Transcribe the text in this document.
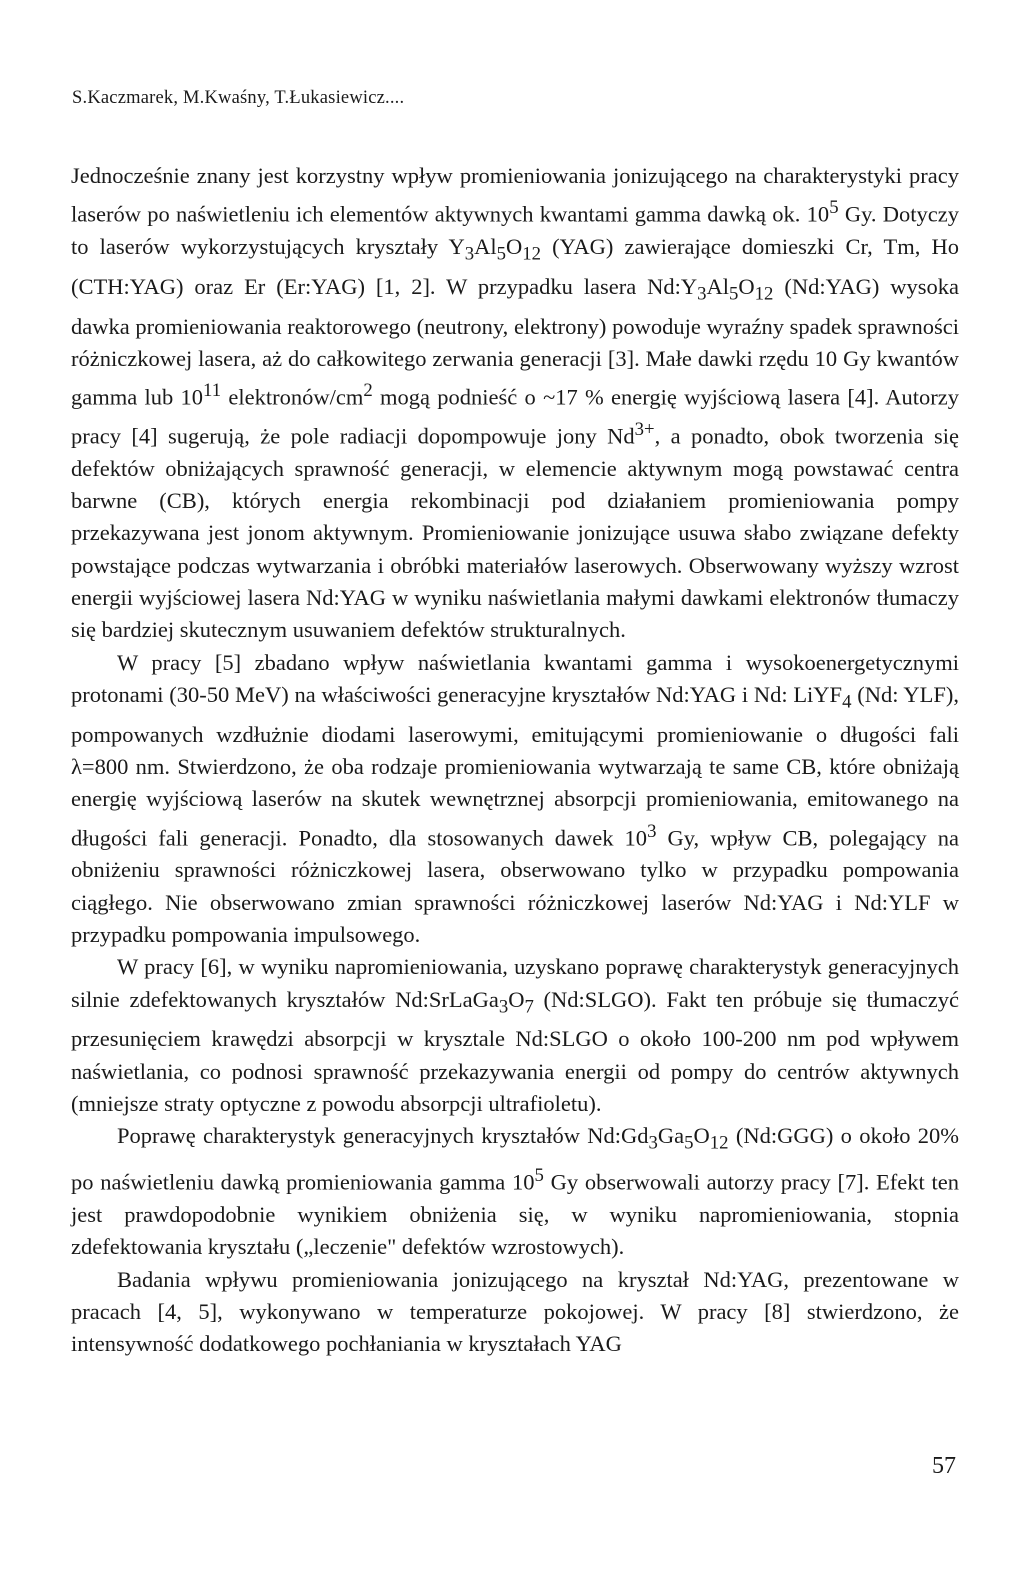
S.Kaczmarek, M.Kwaśny, T.Łukasiewicz....

Jednocześnie znany jest korzystny wpływ promieniowania jonizującego na charakterystyki pracy laserów po naświetleniu ich elementów aktywnych kwantami gamma dawką ok. $10^5$ Gy. Dotyczy to laserów wykorzystujących kryształy $Y_3Al_5O_{12}$ (YAG) zawierające domieszki Cr, Tm, Ho (CTH:YAG) oraz Er (Er:YAG) [1, 2]. W przypadku lasera $Nd:Y_3Al_5O_{12}$ (Nd:YAG) wysoka dawka promieniowania reaktorowego (neutrony, elektrony) powoduje wyraźny spadek sprawności różniczkowej lasera, aż do całkowitego zerwania generacji [3]. Małe dawki rzędu 10 Gy kwantów gamma lub $10^{11}$ elektronów/$cm^2$ mogą podnieść o ~17 % energię wyjściową lasera [4]. Autorzy pracy [4] sugerują, że pole radiacji dopompowuje jony $Nd^{3+}$, a ponadto, obok tworzenia się defektów obniżających sprawność generacji, w elemencie aktywnym mogą powstawać centra barwne (CB), których energia rekombinacji pod działaniem promieniowania pompy przekazywana jest jonom aktywnym. Promieniowanie jonizujące usuwa słabo związane defekty powstające podczas wytwarzania i obróbki materiałów laserowych. Obserwowany wyższy wzrost energii wyjściowej lasera Nd:YAG w wyniku naświetlania małymi dawkami elektronów tłumaczy się bardziej skutecznym usuwaniem defektów strukturalnych.

W pracy [5] zbadano wpływ naświetlania kwantami gamma i wysokoenergetycznymi protonami (30-50 MeV) na właściwości generacyjne kryształów Nd:YAG i Nd: LiYF$_4$ (Nd: YLF), pompowanych wzdłużnie diodami laserowymi, emitującymi promieniowanie o długości fali λ=800 nm. Stwierdzono, że oba rodzaje promieniowania wytwarzają te same CB, które obniżają energię wyjściową laserów na skutek wewnętrznej absorpcji promieniowania, emitowanego na długości fali generacji. Ponadto, dla stosowanych dawek $10^3$ Gy, wpływ CB, polegający na obniżeniu sprawności różniczkowej lasera, obserwowano tylko w przypadku pompowania ciągłego. Nie obserwowano zmian sprawności różniczkowej laserów Nd:YAG i Nd:YLF w przypadku pompowania impulsowego.

W pracy [6], w wyniku napromieniowania, uzyskano poprawę charakterystyk generacyjnych silnie zdefektowanych kryształów $Nd:SrLaGa_3O_7$ (Nd:SLGO). Fakt ten próbuje się tłumaczyć przesunięciem krawędzi absorpcji w krysztale Nd:SLGO o około 100-200 nm pod wpływem naświetlania, co podnosi sprawność przekazywania energii od pompy do centrów aktywnych (mniejsze straty optyczne z powodu absorpcji ultrafioletu).

Poprawę charakterystyk generacyjnych kryształów $Nd:Gd_3Ga_5O_{12}$ (Nd:GGG) o około 20% po naświetleniu dawką promieniowania gamma $10^5$ Gy obserwowali autorzy pracy [7]. Efekt ten jest prawdopodobnie wynikiem obniżenia się, w wyniku napromieniowania, stopnia zdefektowania kryształu („leczenie" defektów wzrostowych).

Badania wpływu promieniowania jonizującego na kryształ Nd:YAG, prezentowane w pracach [4, 5], wykonywano w temperaturze pokojowej. W pracy [8] stwierdzono, że intensywność dodatkowego pochłaniania w kryształach YAG

57
